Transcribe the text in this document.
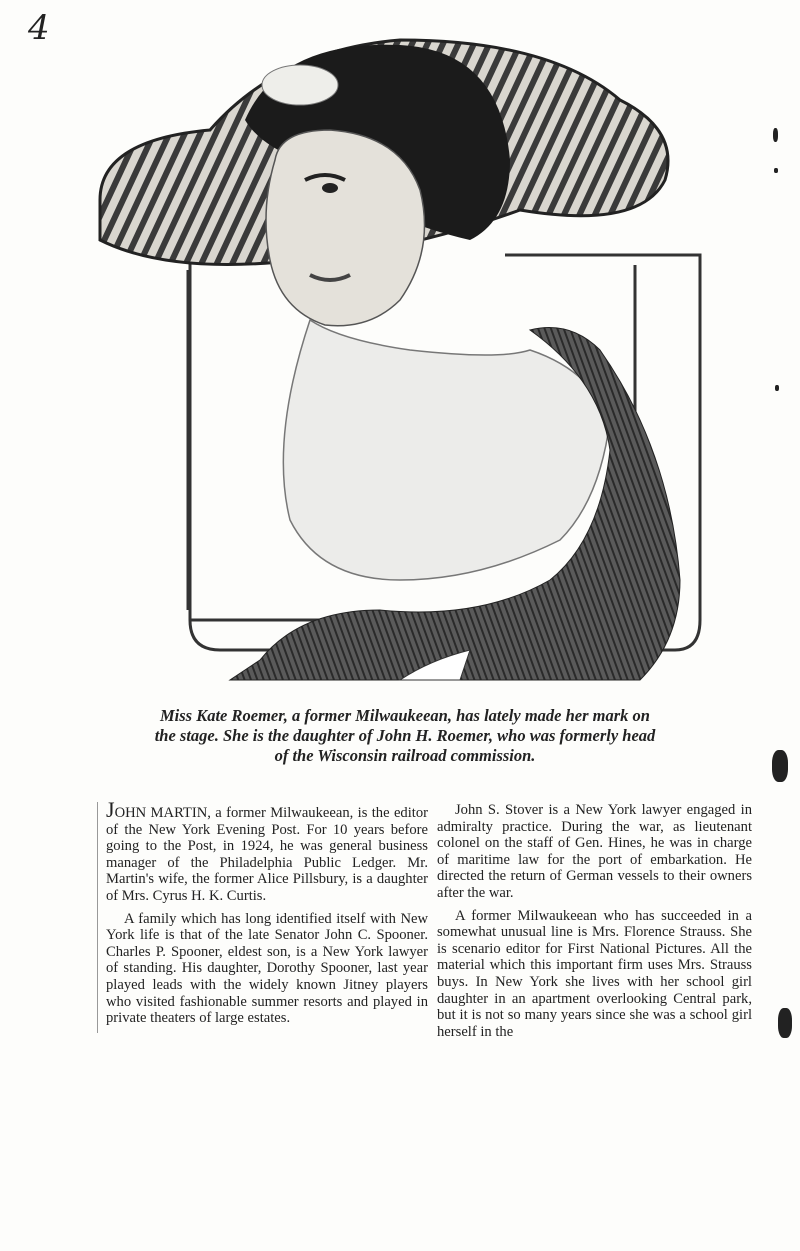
4
Miss Kate Roemer, a former Milwaukeean, has lately made her mark on
the stage. She is the daughter of John H. Roemer, who was formerly head
of the Wisconsin railroad commission.

JOHN MARTIN, a former Milwaukeean, is the editor of the New York Evening Post. For 10 years before going to the Post, in 1924, he was general business manager of the Philadelphia Public Ledger. Mr. Martin's wife, the former Alice Pillsbury, is a daughter of Mrs. Cyrus H. K. Curtis.

A family which has long identified itself with New York life is that of the late Senator John C. Spooner. Charles P. Spooner, eldest son, is a New York lawyer of standing. His daughter, Dorothy Spooner, last year played leads with the widely known Jitney players who visited fashionable summer resorts and played in private theaters of large estates.

John S. Stover is a New York lawyer engaged in admiralty practice. During the war, as lieutenant colonel on the staff of Gen. Hines, he was in charge of maritime law for the port of embarkation. He directed the return of German vessels to their owners after the war.

A former Milwaukeean who has succeeded in a somewhat unusual line is Mrs. Florence Strauss. She is scenario editor for First National Pictures. All the material which this important firm uses Mrs. Strauss buys. In New York she lives with her school girl daughter in an apartment overlooking Central park, but it is not so many years since she was a school girl herself in the
